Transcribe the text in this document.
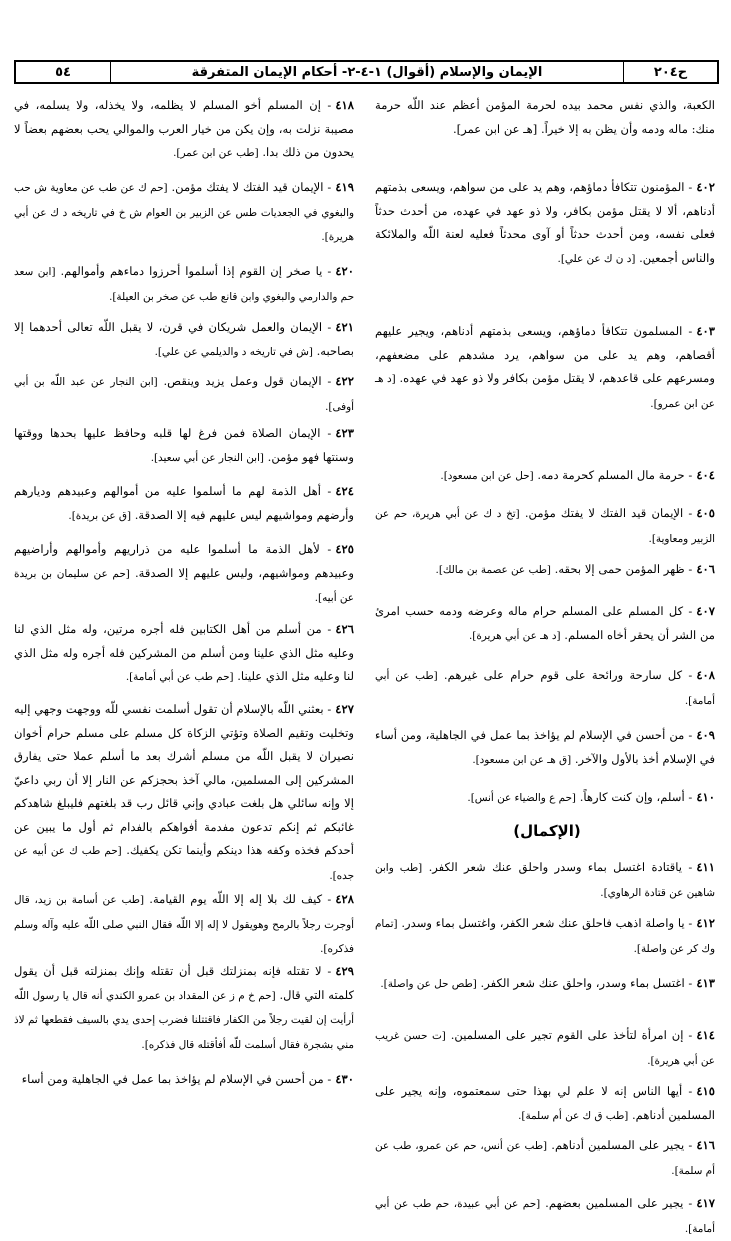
ح٢٠٤
الإيمان والإسلام (أقوال) ١-٤-٢- أحكام الإيمان المتفرقة
٥٤
الكعبة، والذي نفس محمد بيده لحرمة المؤمن أعظم عند اللّه حرمة منك: ماله ودمه وأن يظن به إلا خيراً. [هـ عن ابن عمر].
٤٠٢- المؤمنون تتكافأ دماؤهم، وهم يد على من سواهم، ويسعى بذمتهم أدناهم، ألا لا يقتل مؤمن بكافر، ولا ذو عهد في عهده، من أحدث حدثاً فعلى نفسه، ومن أحدث حدثاً أو آوى محدثاً فعليه لعنة اللّه والملائكة والناس أجمعين. [د ن ك عن علي].
٤٠٣- المسلمون تتكافأ دماؤهم، ويسعى بذمتهم أدناهم، ويجير عليهم أقصاهم، وهم يد على من سواهم، يرد مشدهم على مضعفهم، ومسرعهم على قاعدهم، لا يقتل مؤمن بكافر ولا ذو عهد في عهده. [د هـ عن ابن عمرو].
٤٠٤- حرمة مال المسلم كحرمة دمه. [حل عن ابن مسعود].
٤٠٥- الإيمان قيد الفتك لا يفتك مؤمن. [تخ د ك عن أبي هريرة، حم عن الزبير ومعاوية].
٤٠٦- ظهر المؤمن حمى إلا بحقه. [طب عن عصمة بن مالك].
٤٠٧- كل المسلم على المسلم حرام ماله وعرضه ودمه حسب امرئ من الشر أن يحقر أخاه المسلم. [د هـ عن أبي هريرة].
٤٠٨- كل سارحة ورائحة على قوم حرام على غيرهم. [طب عن أبي أمامة].
٤٠٩- من أحسن في الإسلام لم يؤاخذ بما عمل في الجاهلية، ومن أساء في الإسلام أخذ بالأول والآخر. [ق هـ عن ابن مسعود].
٤١٠- أسلم، وإن كنت كارهاً. [حم ع والضياء عن أنس].
(الإكمال)
٤١١- ياقتادة اغتسل بماء وسدر واحلق عنك شعر الكفر. [طب وابن شاهين عن قتادة الرهاوي].
٤١٢- يا واصلة اذهب فاحلق عنك شعر الكفر، واغتسل بماء وسدر. [تمام وك كر عن واصلة].
٤١٣- اغتسل بماء وسدر، واحلق عنك شعر الكفر. [طص حل عن واصلة].
٤١٤- إن امرأة لتأخذ على القوم تجير على المسلمين. [ت حسن غريب عن أبي هريرة].
٤١٥- أيها الناس إنه لا علم لي بهذا حتى سمعتموه، وإنه يجير على المسلمين أدناهم. [طب ق ك عن أم سلمة].
٤١٦- يجير على المسلمين أدناهم. [طب عن أنس، حم عن عمرو، طب عن أم سلمة].
٤١٧- يجير على المسلمين بعضهم. [حم عن أبي عبيدة، حم طب عن أبي أمامة].
٤١٨- إن المسلم أخو المسلم لا يظلمه، ولا يخذله، ولا يسلمه، في مصيبة نزلت به، وإن يكن من خيار العرب والموالي يحب بعضهم بعضاً لا يحدون من ذلك بدا. [طب عن ابن عمر].
٤١٩- الإيمان قيد الفتك لا يفتك مؤمن. [حم ك عن طب عن معاوية ش حب والبغوي في الجعديات طس عن الزبير بن العوام ش خ في تاريخه د ك عن أبي هريرة].
٤٢٠- يا صخر إن القوم إذا أسلموا أحرزوا دماءهم وأموالهم. [ابن سعد حم والدارمي والبغوي وابن قانع طب عن صخر بن العيلة].
٤٢١- الإيمان والعمل شريكان في قرن، لا يقبل اللّه تعالى أحدهما إلا بصاحبه. [ش في تاريخه د والديلمي عن علي].
٤٢٢- الإيمان قول وعمل يزيد وينقص. [ابن النجار عن عبد اللّه بن أبي أوفى].
٤٢٣- الإيمان الصلاة فمن فرغ لها قلبه وحافظ عليها بحدها ووقتها وسنتها فهو مؤمن. [ابن النجار عن أبي سعيد].
٤٢٤- أهل الذمة لهم ما أسلموا عليه من أموالهم وعبيدهم وديارهم وأرضهم ومواشيهم ليس عليهم فيه إلا الصدقة. [ق عن بريدة].
٤٢٥- لأهل الذمة ما أسلموا عليه من ذراريهم وأموالهم وأراضيهم وعبيدهم ومواشيهم، وليس عليهم إلا الصدقة. [حم عن سليمان بن بريدة عن أبيه].
٤٢٦- من أسلم من أهل الكتابين فله أجره مرتين، وله مثل الذي لنا وعليه مثل الذي علينا ومن أسلم من المشركين فله أجره وله مثل الذي لنا وعليه مثل الذي علينا. [حم طب عن أبي أمامة].
٤٢٧- بعثني اللّه بالإسلام أن تقول أسلمت نفسي للّه ووجهت وجهي إليه وتخليت وتقيم الصلاة وتؤتي الزكاة كل مسلم على مسلم حرام أخوان نصيران لا يقبل اللّه من مسلم أشرك بعد ما أسلم عملا حتى يفارق المشركين إلى المسلمين، مالي آخذ بحجزكم عن النار إلا أن ربي داعيّ إلا وإنه سائلي هل بلغت عبادي وإني قائل رب قد بلغتهم فليبلغ شاهدكم غائبكم ثم إنكم تدعون مفدمة أفواهكم بالفدام ثم أول ما يبين عن أحدكم فخذه وكفه هذا دينكم وأينما تكن يكفيك. [حم طب ك عن أبيه عن جده].
٤٢٨- كيف لك بلا إله إلا اللّه يوم القيامة. [طب عن أسامة بن زيد، قال أوجرت رجلاً بالرمح وهويقول لا إله إلا اللّه فقال النبي صلى اللّه عليه وآله وسلم فذكره].
٤٢٩- لا تقتله فإنه بمنزلتك قبل أن تقتله وإنك بمنزلته قبل أن يقول كلمته التي قال. [حم خ م ز عن المقداد بن عمرو الكندي أنه قال يا رسول اللّه أرأيت إن لقيت رجلاً من الكفار فاقتتلنا فضرب إحدى يدي بالسيف فقطعها ثم لاذ مني بشجرة فقال أسلمت للّه أفأقتله قال فذكره].
٤٣٠- من أحسن في الإسلام لم يؤاخذ بما عمل في الجاهلية ومن أساء
